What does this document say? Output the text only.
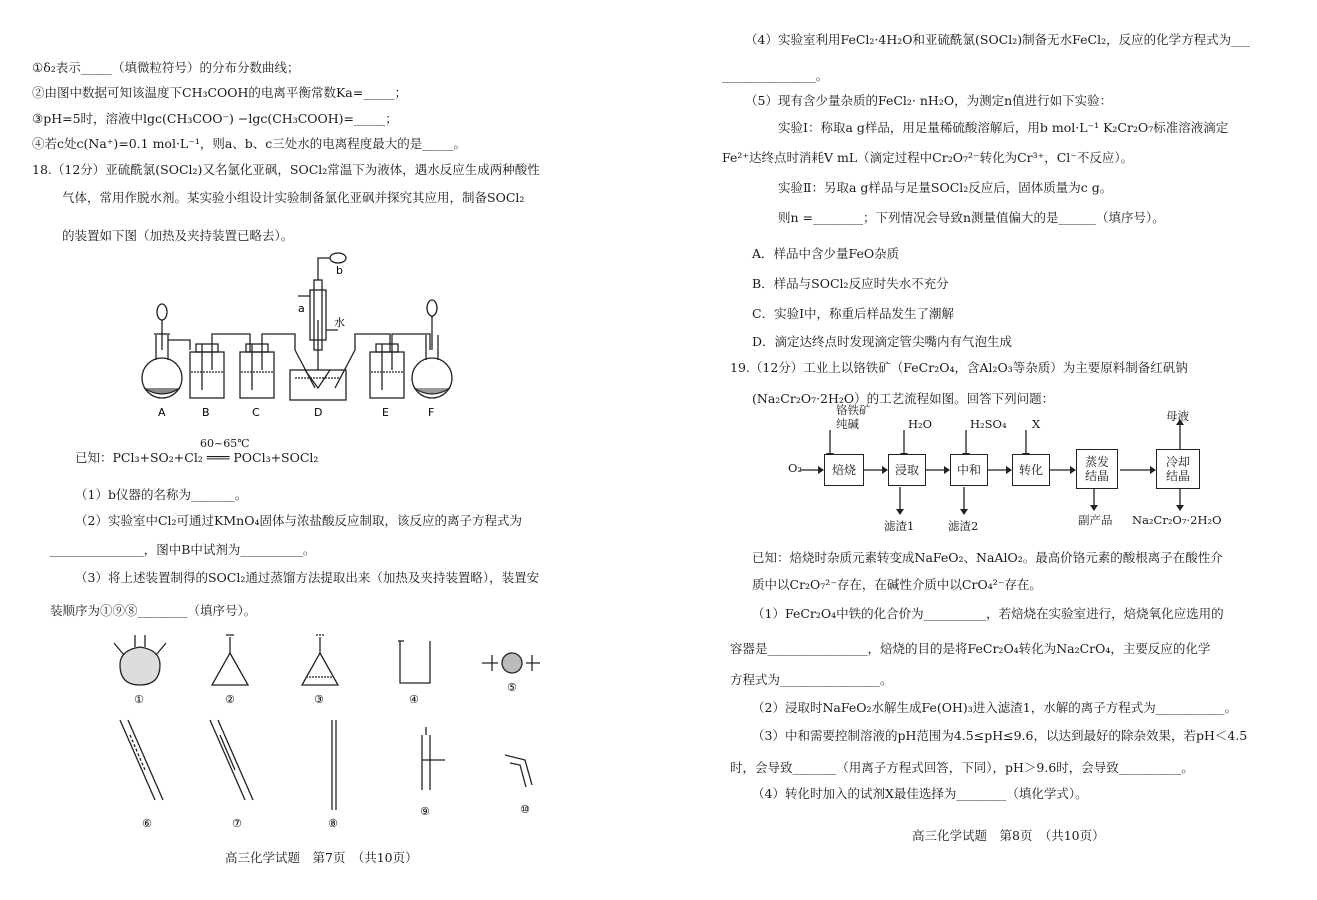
①δ₂表示_____（填微粒符号）的分布分数曲线；
②由图中数据可知该温度下CH₃COOH的电离平衡常数Ka=_____；
③pH=5时，溶液中lgc(CH₃COO⁻) −lgc(CH₃COOH)=_____；
④若c处c(Na⁺)=0.1 mol·L⁻¹，则a、b、c三处水的电离程度最大的是_____。
18.（12分）亚硫酰氯(SOCl₂)又名氯化亚砜，SOCl₂常温下为液体，遇水反应生成两种酸性
气体，常用作脱水剂。某实验小组设计实验制备氯化亚砜并探究其应用，制备SOCl₂
的装置如下图（加热及夹持装置已略去）。
A	B	C	D	E	F
a
b
水
已知：PCl₃+SO₂+Cl₂ ═══ POCl₃+SOCl₂
60~65℃
（1）b仪器的名称为_______。
（2）实验室中Cl₂可通过KMnO₄固体与浓盐酸反应制取，该反应的离子方程式为
_______________，图中B中试剂为__________。
（3）将上述装置制得的SOCl₂通过蒸馏方法提取出来（加热及夹持装置略），装置安
装顺序为①⑨⑧________（填序号）。
①	②	③	④
⑤
⑥	⑦	⑧
⑨	⑩
高三化学试题　第7页　（共10页）
（4）实验室利用FeCl₂·4H₂O和亚硫酰氯(SOCl₂)制备无水FeCl₂，反应的化学方程式为___
_______________。
（5）现有含少量杂质的FeCl₂· nH₂O，为测定n值进行如下实验：
实验Ⅰ：称取a g样品，用足量稀硫酸溶解后，用b mol·L⁻¹ K₂Cr₂O₇标准溶液滴定
Fe²⁺达终点时消耗V mL（滴定过程中Cr₂O₇²⁻转化为Cr³⁺，Cl⁻不反应）。
实验Ⅱ：另取a g样品与足量SOCl₂反应后，固体质量为c g。
则n =________；下列情况会导致n测量值偏大的是______（填序号）。
A．样品中含少量FeO杂质
B．样品与SOCl₂反应时失水不充分
C．实验Ⅰ中，称重后样品发生了潮解
D．滴定达终点时发现滴定管尖嘴内有气泡生成
19.（12分）工业上以铬铁矿（FeCr₂O₄，含Al₂O₃等杂质）为主要原料制备红矾钠
(Na₂Cr₂O₇·2H₂O）的工艺流程如图。回答下列问题：
焙烧	浸取	中和	转化
蒸发结晶
冷却结晶
O₂
铬铁矿
纯碱	H₂O	H₂SO₄ X
滤渣1	滤渣2	副产品
母液
Na₂Cr₂O₇·2H₂O
已知：焙烧时杂质元素转变成NaFeO₂、NaAlO₂。最高价铬元素的酸根离子在酸性介
质中以Cr₂O₇²⁻存在，在碱性介质中以CrO₄²⁻存在。
（1）FeCr₂O₄中铁的化合价为__________，若焙烧在实验室进行，焙烧氧化应选用的
容器是________________，焙烧的目的是将FeCr₂O₄转化为Na₂CrO₄，主要反应的化学
方程式为________________。
（2）浸取时NaFeO₂水解生成Fe(OH)₃进入滤渣1，水解的离子方程式为___________。
（3）中和需要控制溶液的pH范围为4.5≤pH≤9.6，以达到最好的除杂效果，若pH＜4.5
时，会导致_______（用离子方程式回答，下同），pH＞9.6时，会导致__________。
（4）转化时加入的试剂X最佳选择为________（填化学式）。
高三化学试题　第8页　（共10页）
